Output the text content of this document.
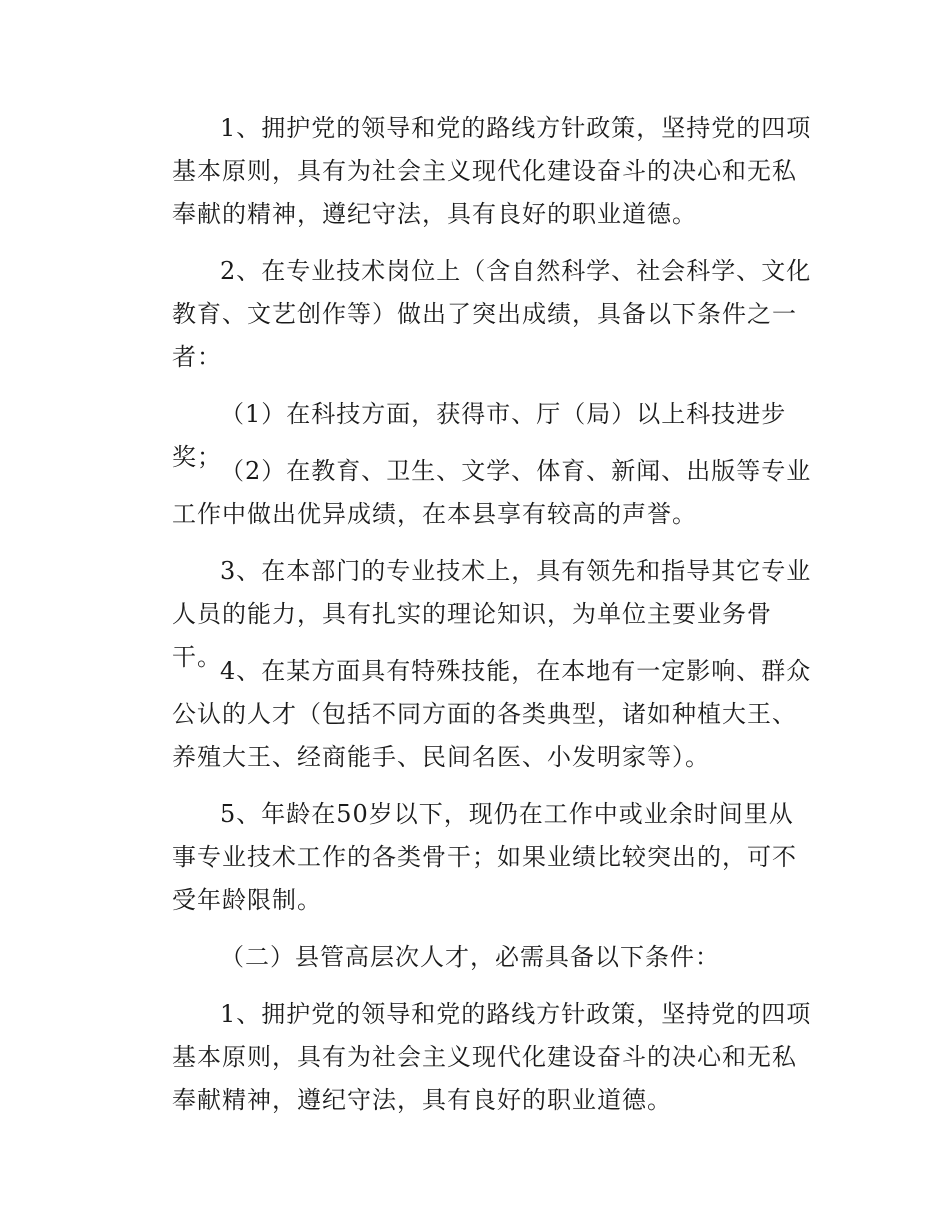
1、拥护党的领导和党的路线方针政策，坚持党的四项基本原则，具有为社会主义现代化建设奋斗的决心和无私奉献的精神，遵纪守法，具有良好的职业道德。

2、在专业技术岗位上（含自然科学、社会科学、文化教育、文艺创作等）做出了突出成绩，具备以下条件之一者：

（1）在科技方面，获得市、厅（局）以上科技进步奖；

（2）在教育、卫生、文学、体育、新闻、出版等专业工作中做出优异成绩，在本县享有较高的声誉。

3、在本部门的专业技术上，具有领先和指导其它专业人员的能力，具有扎实的理论知识，为单位主要业务骨干。

4、在某方面具有特殊技能，在本地有一定影响、群众公认的人才（包括不同方面的各类典型，诸如种植大王、养殖大王、经商能手、民间名医、小发明家等）。

5、年龄在50岁以下，现仍在工作中或业余时间里从事专业技术工作的各类骨干；如果业绩比较突出的，可不受年龄限制。

（二）县管高层次人才，必需具备以下条件：

1、拥护党的领导和党的路线方针政策，坚持党的四项基本原则，具有为社会主义现代化建设奋斗的决心和无私奉献精神，遵纪守法，具有良好的职业道德。
